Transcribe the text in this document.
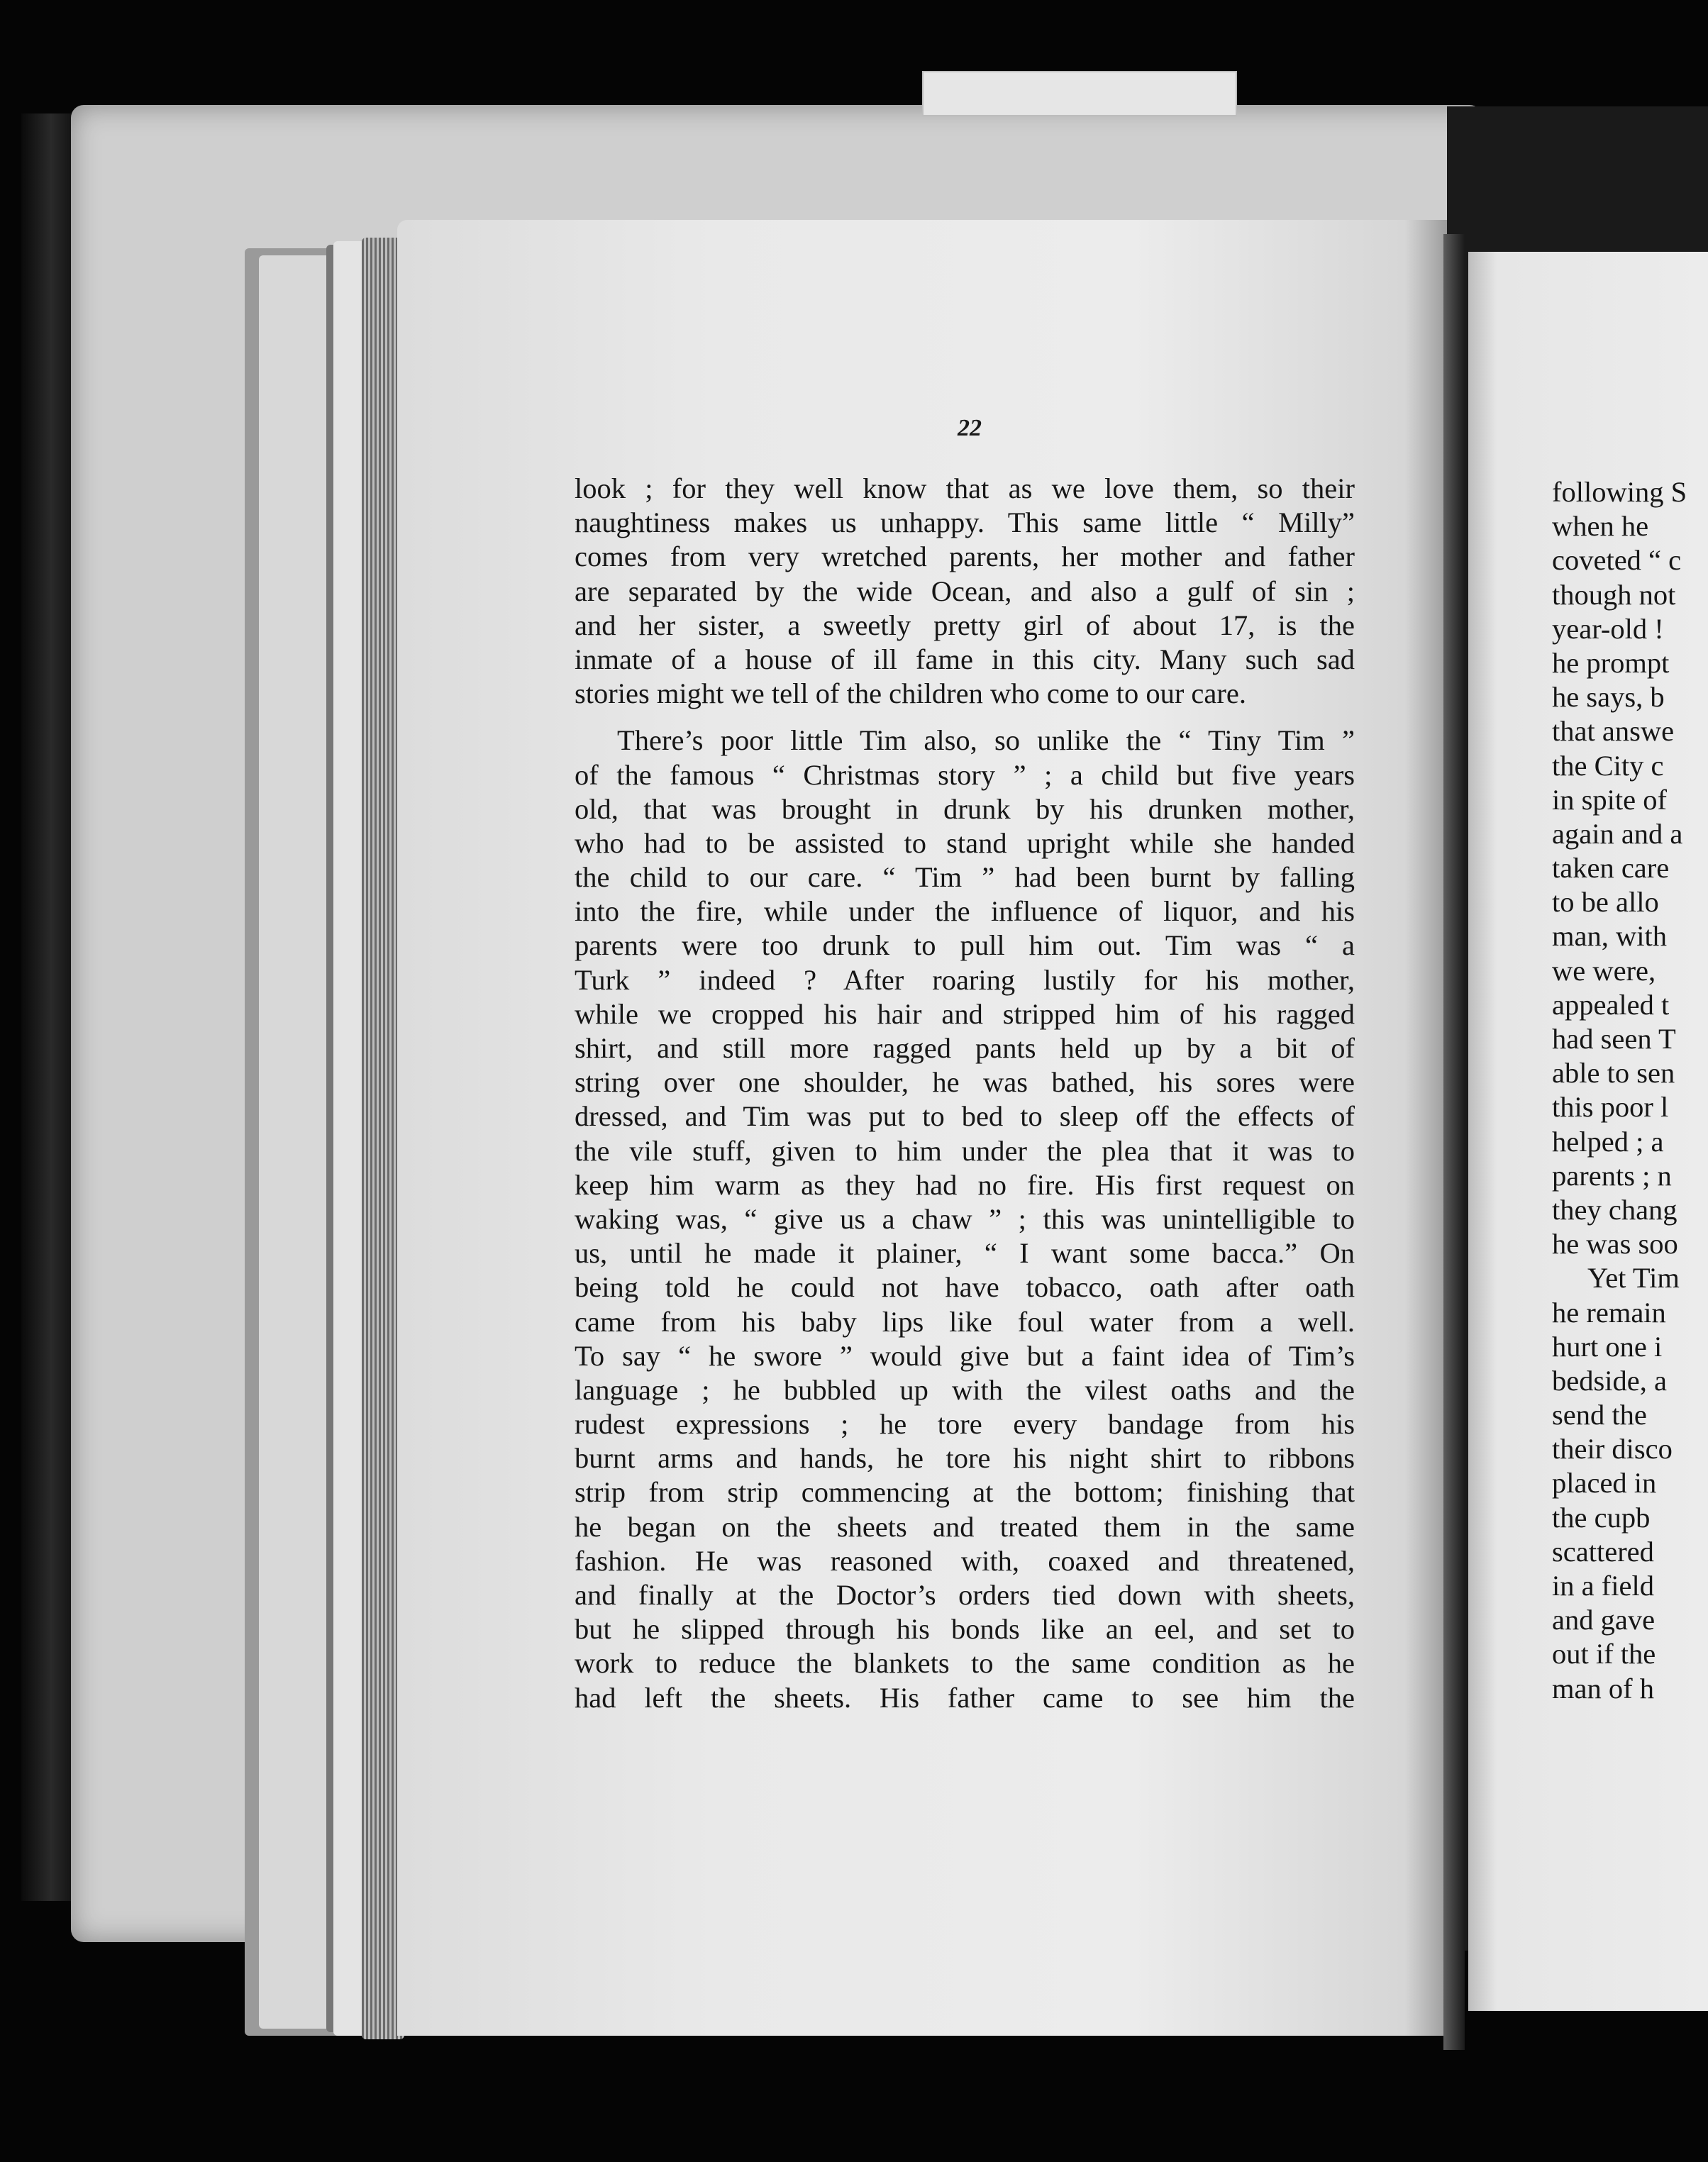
22
look ; for they well know that as we love them, so their
naughtiness makes us unhappy. This same little “ Milly”
comes from very wretched parents, her mother and father
are separated by the wide Ocean, and also a gulf of sin ;
and her sister, a sweetly pretty girl of about 17, is the
inmate of a house of ill fame in this city. Many such sad
stories might we tell of the children who come to our care.
There’s poor little Tim also, so unlike the “ Tiny Tim ”
of the famous “ Christmas story ” ; a child but five years
old, that was brought in drunk by his drunken mother,
who had to be assisted to stand upright while she handed
the child to our care. “ Tim ” had been burnt by falling
into the fire, while under the influence of liquor, and his
parents were too drunk to pull him out. Tim was “ a
Turk ” indeed ? After roaring lustily for his mother,
while we cropped his hair and stripped him of his ragged
shirt, and still more ragged pants held up by a bit of
string over one shoulder, he was bathed, his sores were
dressed, and Tim was put to bed to sleep off the effects of
the vile stuff, given to him under the plea that it was to
keep him warm as they had no fire. His first request on
waking was, “ give us a chaw ” ; this was unintelligible to
us, until he made it plainer, “ I want some bacca.” On
being told he could not have tobacco, oath after oath
came from his baby lips like foul water from a well.
To say “ he swore ” would give but a faint idea of Tim’s
language ; he bubbled up with the vilest oaths and the
rudest expressions ; he tore every bandage from his
burnt arms and hands, he tore his night shirt to ribbons
strip from strip commencing at the bottom; finishing that
he began on the sheets and treated them in the same
fashion. He was reasoned with, coaxed and threatened,
and finally at the Doctor’s orders tied down with sheets,
but he slipped through his bonds like an eel, and set to
work to reduce the blankets to the same condition as he
had left the sheets. His father came to see him the
following S
when he
coveted “ c
though not
year-old !
he prompt
he says, b
that answe
the City c
in spite of
again and a
taken care
to be allo
man, with
we were,
appealed t
had seen T
able to sen
this poor l
helped ; a
parents ; n
they chang
he was soo
Yet Tim
he remain
hurt one i
bedside, a
send the
their disco
placed in
the cupb
scattered
in a field
and gave
out if the
man of h
